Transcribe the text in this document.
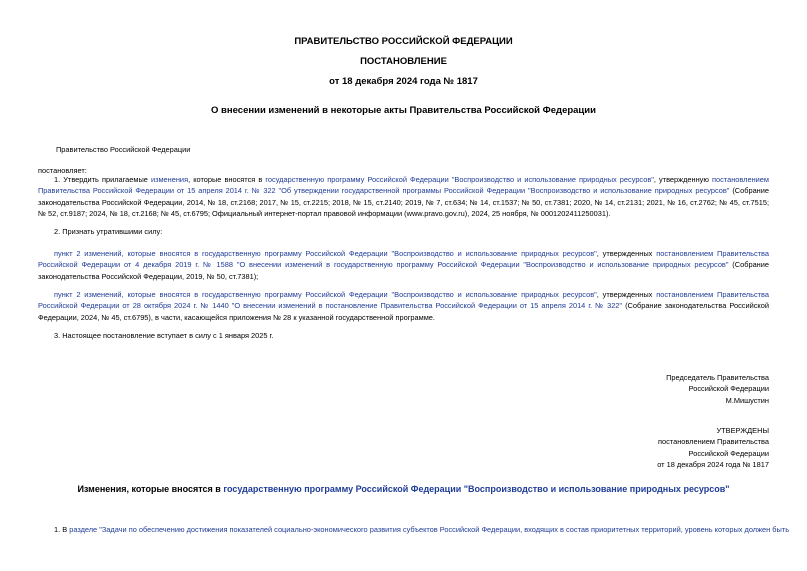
ПРАВИТЕЛЬСТВО РОССИЙСКОЙ ФЕДЕРАЦИИ
ПОСТАНОВЛЕНИЕ
от 18 декабря 2024 года № 1817
О внесении изменений в некоторые акты Правительства Российской Федерации
Правительство Российской Федерации
постановляет:
1. Утвердить прилагаемые изменения, которые вносятся в государственную программу Российской Федерации "Воспроизводство и использование природных ресурсов", утвержденную постановлением Правительства Российской Федерации от 15 апреля 2014 г. № 322 "Об утверждении государственной программы Российской Федерации "Воспроизводство и использование природных ресурсов" (Собрание законодательства Российской Федерации, 2014, № 18, ст.2168; 2017, № 15, ст.2215; 2018, № 15, ст.2140; 2019, № 7, ст.634; № 14, ст.1537; № 50, ст.7381; 2020, № 14, ст.2131; 2021, № 16, ст.2762; № 45, ст.7515; № 52, ст.9187; 2024, № 18, ст.2168; № 45, ст.6795; Официальный интернет-портал правовой информации (www.pravo.gov.ru), 2024, 25 ноября, № 0001202411250031).
2. Признать утратившими силу:
пункт 2 изменений, которые вносятся в государственную программу Российской Федерации "Воспроизводство и использование природных ресурсов", утвержденных постановлением Правительства Российской Федерации от 4 декабря 2019 г. № 1588 "О внесении изменений в государственную программу Российской Федерации "Воспроизводство и использование природных ресурсов" (Собрание законодательства Российской Федерации, 2019, № 50, ст.7381);
пункт 2 изменений, которые вносятся в государственную программу Российской Федерации "Воспроизводство и использование природных ресурсов", утвержденных постановлением Правительства Российской Федерации от 28 октября 2024 г. № 1440 "О внесении изменений в постановление Правительства Российской Федерации от 15 апреля 2014 г. № 322" (Собрание законодательства Российской Федерации, 2024, № 45, ст.6795), в части, касающейся приложения № 28 к указанной государственной программе.
3. Настоящее постановление вступает в силу с 1 января 2025 г.
Председатель Правительства
Российской Федерации
М.Мишустин
УТВЕРЖДЕНЫ
постановлением Правительства
Российской Федерации
от 18 декабря 2024 года № 1817
Изменения, которые вносятся в государственную программу Российской Федерации "Воспроизводство и использование природных ресурсов"
1. В разделе "Задачи по обеспечению достижения показателей социально-экономического развития субъектов Российской Федерации, входящих в состав приоритетных территорий, уровень которых должен быть
